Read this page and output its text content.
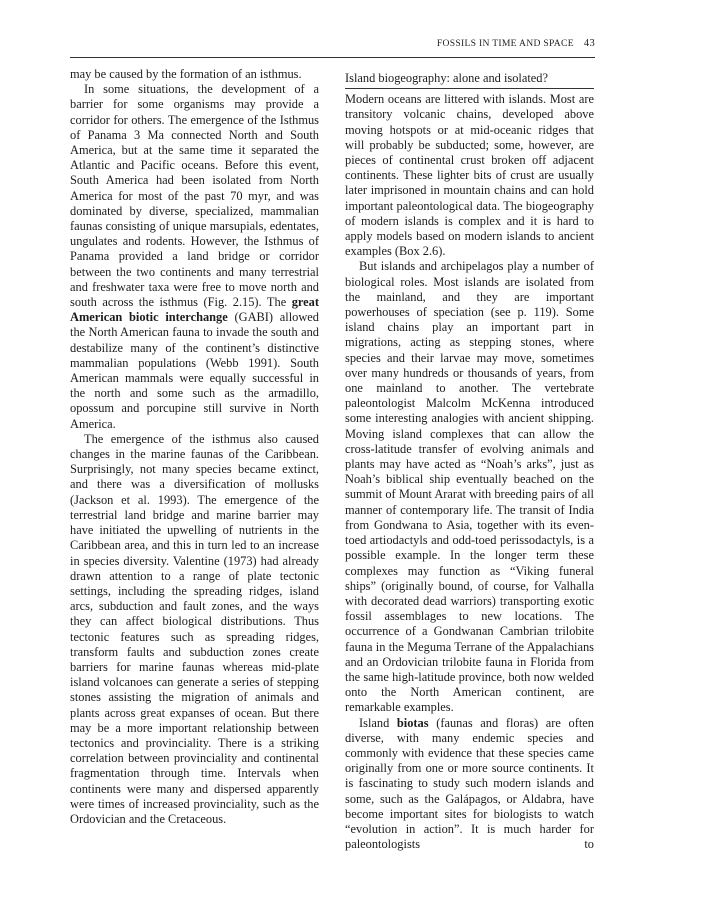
FOSSILS IN TIME AND SPACE 43

may be caused by the formation of an isthmus.

In some situations, the development of a barrier for some organisms may provide a corridor for others. The emergence of the Isthmus of Panama 3 Ma connected North and South America, but at the same time it separated the Atlantic and Pacific oceans. Before this event, South America had been isolated from North America for most of the past 70 myr, and was dominated by diverse, specialized, mammalian faunas consisting of unique marsupials, edentates, ungulates and rodents. However, the Isthmus of Panama provided a land bridge or corridor between the two continents and many terrestrial and freshwater taxa were free to move north and south across the isthmus (Fig. 2.15). The great American biotic interchange (GABI) allowed the North American fauna to invade the south and destabilize many of the continent’s distinctive mammalian populations (Webb 1991). South American mammals were equally successful in the north and some such as the armadillo, opossum and porcupine still survive in North America.

The emergence of the isthmus also caused changes in the marine faunas of the Caribbean. Surprisingly, not many species became extinct, and there was a diversification of mollusks (Jackson et al. 1993). The emergence of the terrestrial land bridge and marine barrier may have initiated the upwelling of nutrients in the Caribbean area, and this in turn led to an increase in species diversity. Valentine (1973) had already drawn attention to a range of plate tectonic settings, including the spreading ridges, island arcs, subduction and fault zones, and the ways they can affect biological distributions. Thus tectonic features such as spreading ridges, transform faults and subduction zones create barriers for marine faunas whereas mid-plate island volcanoes can generate a series of stepping stones assisting the migration of animals and plants across great expanses of ocean. But there may be a more important relationship between tectonics and provinciality. There is a striking correlation between provinciality and continental fragmentation through time. Intervals when continents were many and dispersed apparently were times of increased provinciality, such as the Ordovician and the Cretaceous.

Island biogeography: alone and isolated?

Modern oceans are littered with islands. Most are transitory volcanic chains, developed above moving hotspots or at mid-oceanic ridges that will probably be subducted; some, however, are pieces of continental crust broken off adjacent continents. These lighter bits of crust are usually later imprisoned in mountain chains and can hold important paleontological data. The biogeography of modern islands is complex and it is hard to apply models based on modern islands to ancient examples (Box 2.6).

But islands and archipelagos play a number of biological roles. Most islands are isolated from the mainland, and they are important powerhouses of speciation (see p. 119). Some island chains play an important part in migrations, acting as stepping stones, where species and their larvae may move, sometimes over many hundreds or thousands of years, from one mainland to another. The vertebrate paleontologist Malcolm McKenna introduced some interesting analogies with ancient shipping. Moving island complexes that can allow the cross-latitude transfer of evolving animals and plants may have acted as “Noah’s arks”, just as Noah’s biblical ship eventually beached on the summit of Mount Ararat with breeding pairs of all manner of contemporary life. The transit of India from Gondwana to Asia, together with its even-toed artiodactyls and odd-toed perissodactyls, is a possible example. In the longer term these complexes may function as “Viking funeral ships” (originally bound, of course, for Valhalla with decorated dead warriors) transporting exotic fossil assemblages to new locations. The occurrence of a Gondwanan Cambrian trilobite fauna in the Meguma Terrane of the Appalachians and an Ordovician trilobite fauna in Florida from the same high-latitude province, both now welded onto the North American continent, are remarkable examples.

Island biotas (faunas and floras) are often diverse, with many endemic species and commonly with evidence that these species came originally from one or more source continents. It is fascinating to study such modern islands and some, such as the Galápagos, or Aldabra, have become important sites for biologists to watch “evolution in action”. It is much harder for paleontologists to
